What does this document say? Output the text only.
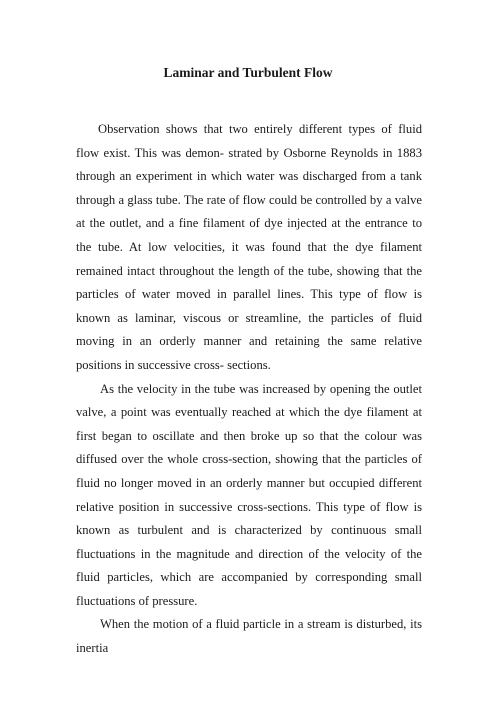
Laminar and Turbulent Flow

Observation shows that two entirely different types of fluid flow exist. This was demon- strated by Osborne Reynolds in 1883 through an experiment in which water was discharged from a tank through a glass tube. The rate of flow could be controlled by a valve at the outlet, and a fine filament of dye injected at the entrance to the tube. At low velocities, it was found that the dye filament remained intact throughout the length of the tube, showing that the particles of water moved in parallel lines. This type of flow is known as laminar, viscous or streamline, the particles of fluid moving in an orderly manner and retaining the same relative positions in successive cross- sections.

As the velocity in the tube was increased by opening the outlet valve, a point was eventually reached at which the dye filament at first began to oscillate and then broke up so that the colour was diffused over the whole cross-section, showing that the particles of fluid no longer moved in an orderly manner but occupied different relative position in successive cross-sections. This type of flow is known as turbulent and is characterized by continuous small fluctuations in the magnitude and direction of the velocity of the fluid particles, which are accompanied by corresponding small fluctuations of pressure.

When the motion of a fluid particle in a stream is disturbed, its inertia
